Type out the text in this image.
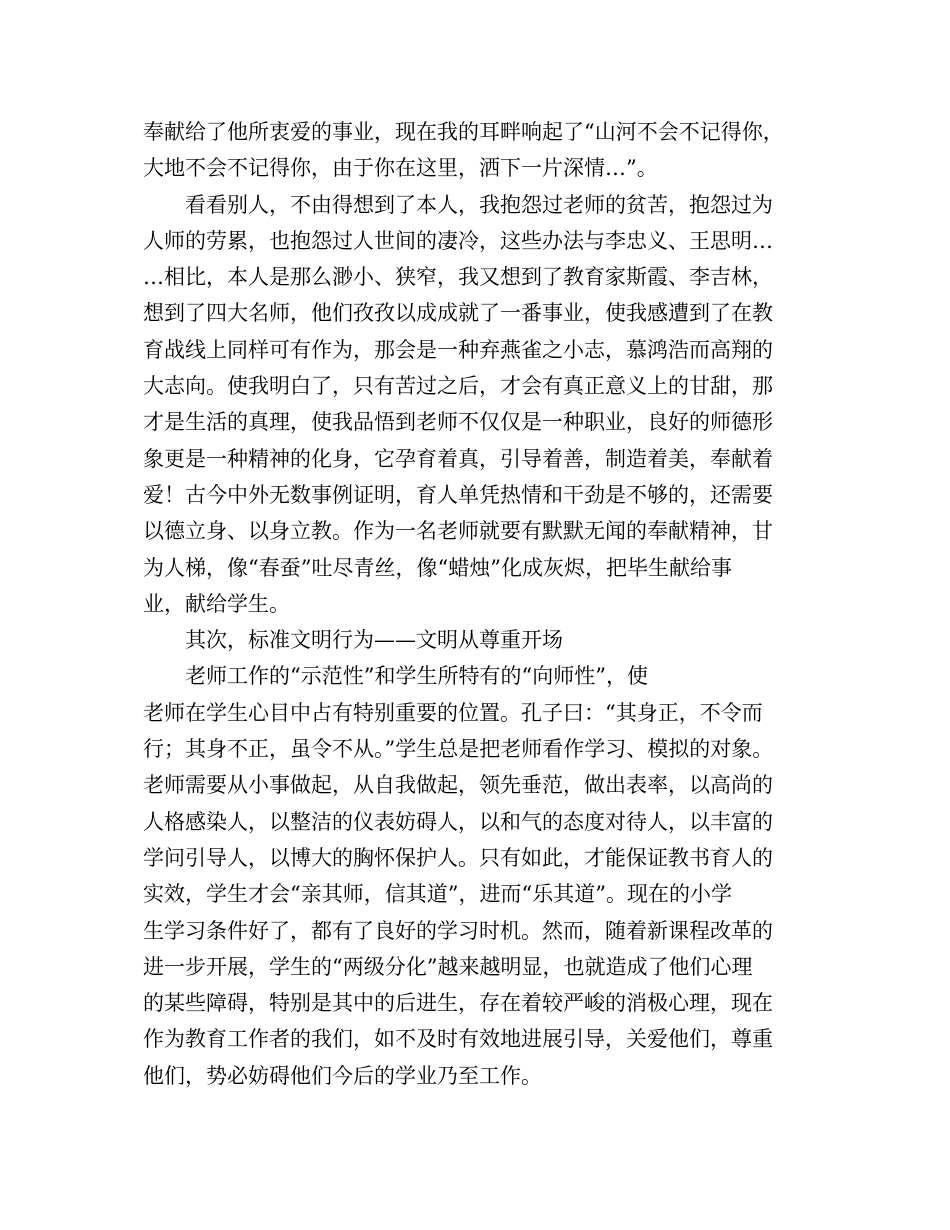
奉献给了他所衷爱的事业，现在我的耳畔响起了“山河不会不记得你，
大地不会不记得你，由于你在这里，洒下一片深情…”。
看看别人，不由得想到了本人，我抱怨过老师的贫苦，抱怨过为
人师的劳累，也抱怨过人世间的凄冷，这些办法与李忠义、王思明…
…相比，本人是那么渺小、狭窄，我又想到了教育家斯霞、李吉林，
想到了四大名师，他们孜孜以成成就了一番事业，使我感遭到了在教
育战线上同样可有作为，那会是一种弃燕雀之小志，慕鸿浩而高翔的
大志向。使我明白了，只有苦过之后，才会有真正意义上的甘甜，那
才是生活的真理，使我品悟到老师不仅仅是一种职业，良好的师德形
象更是一种精神的化身，它孕育着真，引导着善，制造着美，奉献着
爱！古今中外无数事例证明，育人单凭热情和干劲是不够的，还需要
以德立身、以身立教。作为一名老师就要有默默无闻的奉献精神，甘
为人梯，像“春蚕”吐尽青丝，像“蜡烛”化成灰烬，把毕生献给事
业，献给学生。
其次，标准文明行为——文明从尊重开场
老师工作的“示范性”和学生所特有的“向师性”，使
老师在学生心目中占有特别重要的位置。孔子曰：“其身正，不令而
行；其身不正，虽令不从。”学生总是把老师看作学习、模拟的对象。
老师需要从小事做起，从自我做起，领先垂范，做出表率，以高尚的
人格感染人，以整洁的仪表妨碍人，以和气的态度对待人，以丰富的
学问引导人，以博大的胸怀保护人。只有如此，才能保证教书育人的
实效，学生才会“亲其师，信其道”，进而“乐其道”。现在的小学
生学习条件好了，都有了良好的学习时机。然而，随着新课程改革的
进一步开展，学生的“两级分化”越来越明显，也就造成了他们心理
的某些障碍，特别是其中的后进生，存在着较严峻的消极心理，现在
作为教育工作者的我们，如不及时有效地进展引导，关爱他们，尊重
他们，势必妨碍他们今后的学业乃至工作。
